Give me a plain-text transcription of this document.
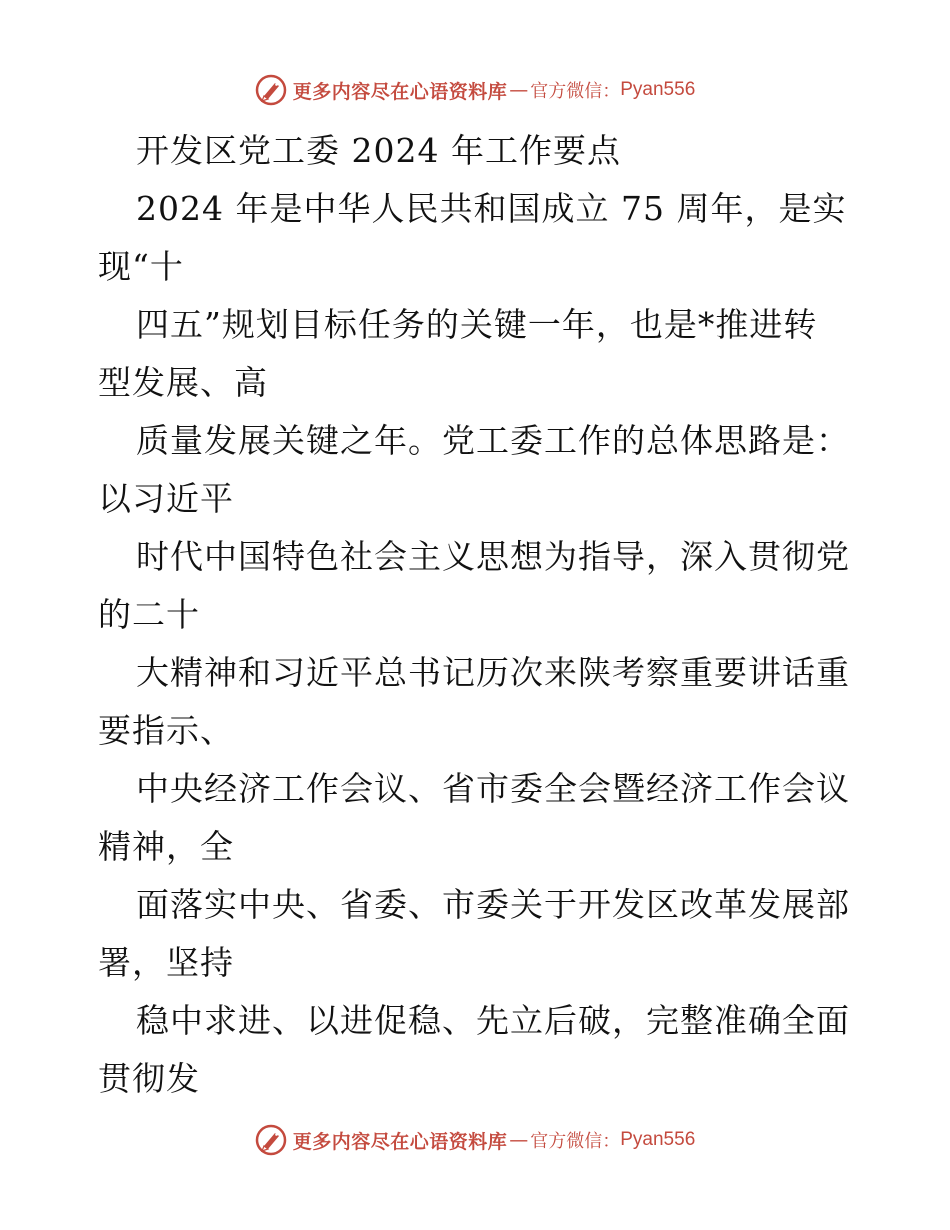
更多内容尽在心语资料库 — 官方微信： Pyan556
开发区党工委 2024 年工作要点
2024 年是中华人民共和国成立 75 周年，是实
现“十
四五”规划目标任务的关键一年，也是*推进转
型发展、高
质量发展关键之年。党工委工作的总体思路是：
以习近平
时代中国特色社会主义思想为指导，深入贯彻党
的二十
大精神和习近平总书记历次来陕考察重要讲话重
要指示、
中央经济工作会议、省市委全会暨经济工作会议
精神，全
面落实中央、省委、市委关于开发区改革发展部
署，坚持
稳中求进、以进促稳、先立后破，完整准确全面
贯彻发
更多内容尽在心语资料库 — 官方微信： Pyan556
